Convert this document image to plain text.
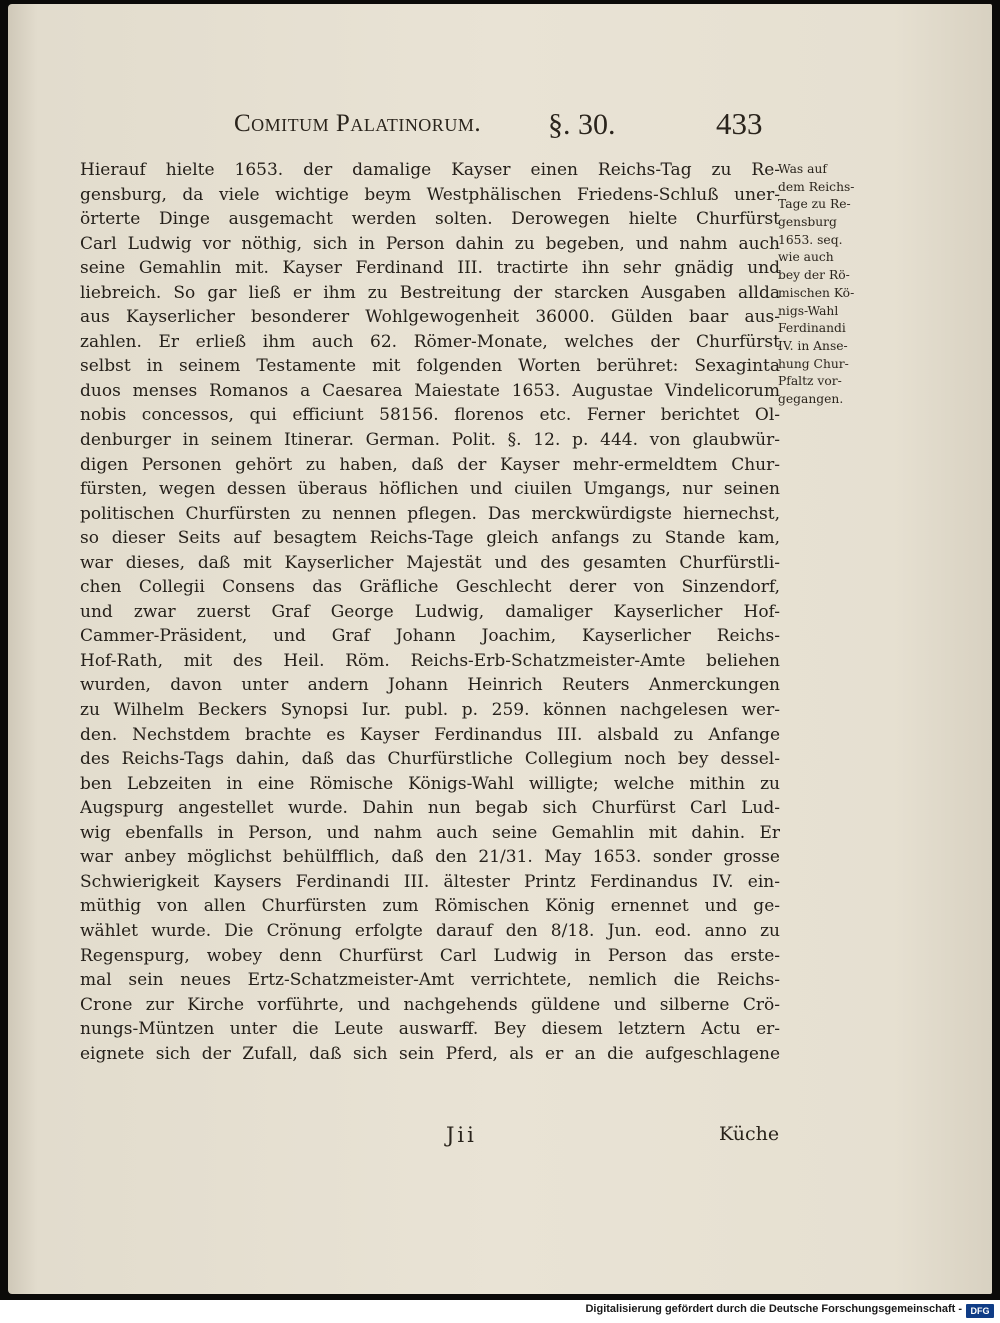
Comitum Palatinorum. §. 30.	433
Hierauf hielte 1653. der damalige Kayser einen Reichs-Tag zu Re-
gensburg, da viele wichtige beym Westphälischen Friedens-Schluß uner-
örterte Dinge ausgemacht werden solten. Derowegen hielte Churfürst
Carl Ludwig vor nöthig, sich in Person dahin zu begeben, und nahm auch
seine Gemahlin mit. Kayser Ferdinand III. tractirte ihn sehr gnädig und
liebreich. So gar ließ er ihm zu Bestreitung der starcken Ausgaben allda
aus Kayserlicher besonderer Wohlgewogenheit 36000. Gülden baar aus-
zahlen. Er erließ ihm auch 62. Römer-Monate, welches der Churfürst
selbst in seinem Testamente mit folgenden Worten berühret: Sexaginta
duos menses Romanos a Caesarea Maiestate 1653. Augustae Vindelicorum
nobis concessos, qui efficiunt 58156. florenos etc. Ferner berichtet Ol-
denburger in seinem Itinerar. German. Polit. §. 12. p. 444. von glaubwür-
digen Personen gehört zu haben, daß der Kayser mehr-ermeldtem Chur-
fürsten, wegen dessen überaus höflichen und ciuilen Umgangs, nur seinen
politischen Churfürsten zu nennen pflegen. Das merckwürdigste hiernechst,
so dieser Seits auf besagtem Reichs-Tage gleich anfangs zu Stande kam,
war dieses, daß mit Kayserlicher Majestät und des gesamten Churfürstli-
chen Collegii Consens das Gräfliche Geschlecht derer von Sinzendorf,
und zwar zuerst Graf George Ludwig, damaliger Kayserlicher Hof-
Cammer-Präsident, und Graf Johann Joachim, Kayserlicher Reichs-
Hof-Rath, mit des Heil. Röm. Reichs-Erb-Schatzmeister-Amte beliehen
wurden, davon unter andern Johann Heinrich Reuters Anmerckungen
zu Wilhelm Beckers Synopsi Iur. publ. p. 259. können nachgelesen wer-
den. Nechstdem brachte es Kayser Ferdinandus III. alsbald zu Anfange
des Reichs-Tags dahin, daß das Churfürstliche Collegium noch bey dessel-
ben Lebzeiten in eine Römische Königs-Wahl willigte; welche mithin zu
Augspurg angestellet wurde. Dahin nun begab sich Churfürst Carl Lud-
wig ebenfalls in Person, und nahm auch seine Gemahlin mit dahin. Er
war anbey möglichst behülfflich, daß den 21/31. May 1653. sonder grosse
Schwierigkeit Kaysers Ferdinandi III. ältester Printz Ferdinandus IV. ein-
müthig von allen Churfürsten zum Römischen König ernennet und ge-
wählet wurde. Die Crönung erfolgte darauf den 8/18. Jun. eod. anno zu
Regenspurg, wobey denn Churfürst Carl Ludwig in Person das erste-
mal sein neues Ertz-Schatzmeister-Amt verrichtete, nemlich die Reichs-
Crone zur Kirche vorführte, und nachgehends güldene und silberne Crö-
nungs-Müntzen unter die Leute auswarff. Bey diesem letztern Actu er-
eignete sich der Zufall, daß sich sein Pferd, als er an die aufgeschlagene
Was auf
dem Reichs-
Tage zu Re-
gensburg
1653. seq.
wie auch
bey der Rö-
mischen Kö-
nigs-Wahl
Ferdinandi
IV. in Anse-
hung Chur-
Pfaltz vor-
gegangen.
Jii	Küche
Digitalisierung gefördert durch die Deutsche Forschungsgemeinschaft - DFG
